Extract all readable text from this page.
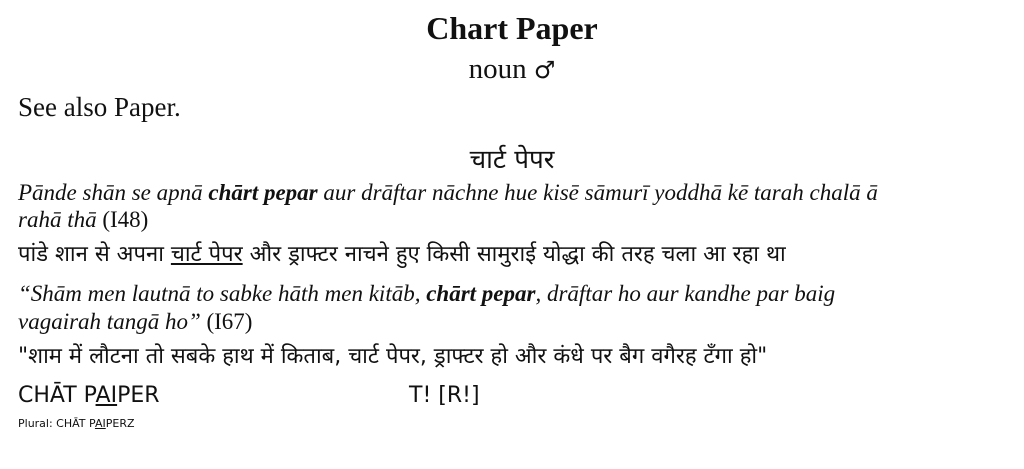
Chart Paper
noun ♂
See also Paper.
चार्ट पेपर
Pānde shān se apnā chārt pepar aur drāftar nāchne hue kisē sāmurī yoddhā kē tarah chalā ā
rahā thā (I48)
पांडे शान से अपना चार्ट पेपर और ड्राफ्टर नाचने हुए किसी सामुराई योद्धा की तरह चला आ रहा था
“Shām men lautnā to sabke hāth men kitāb, chārt pepar, drāftar ho aur kandhe par baig
vagairah tangā ho” (I67)
"शाम में लौटना तो सबके हाथ में किताब, चार्ट पेपर, ड्राफ्टर हो और कंधे पर बैग वगैरह टँगा हो"
CHĀT PAIPER	T! [R!]
Plural: CHĀT PAIPERZ
